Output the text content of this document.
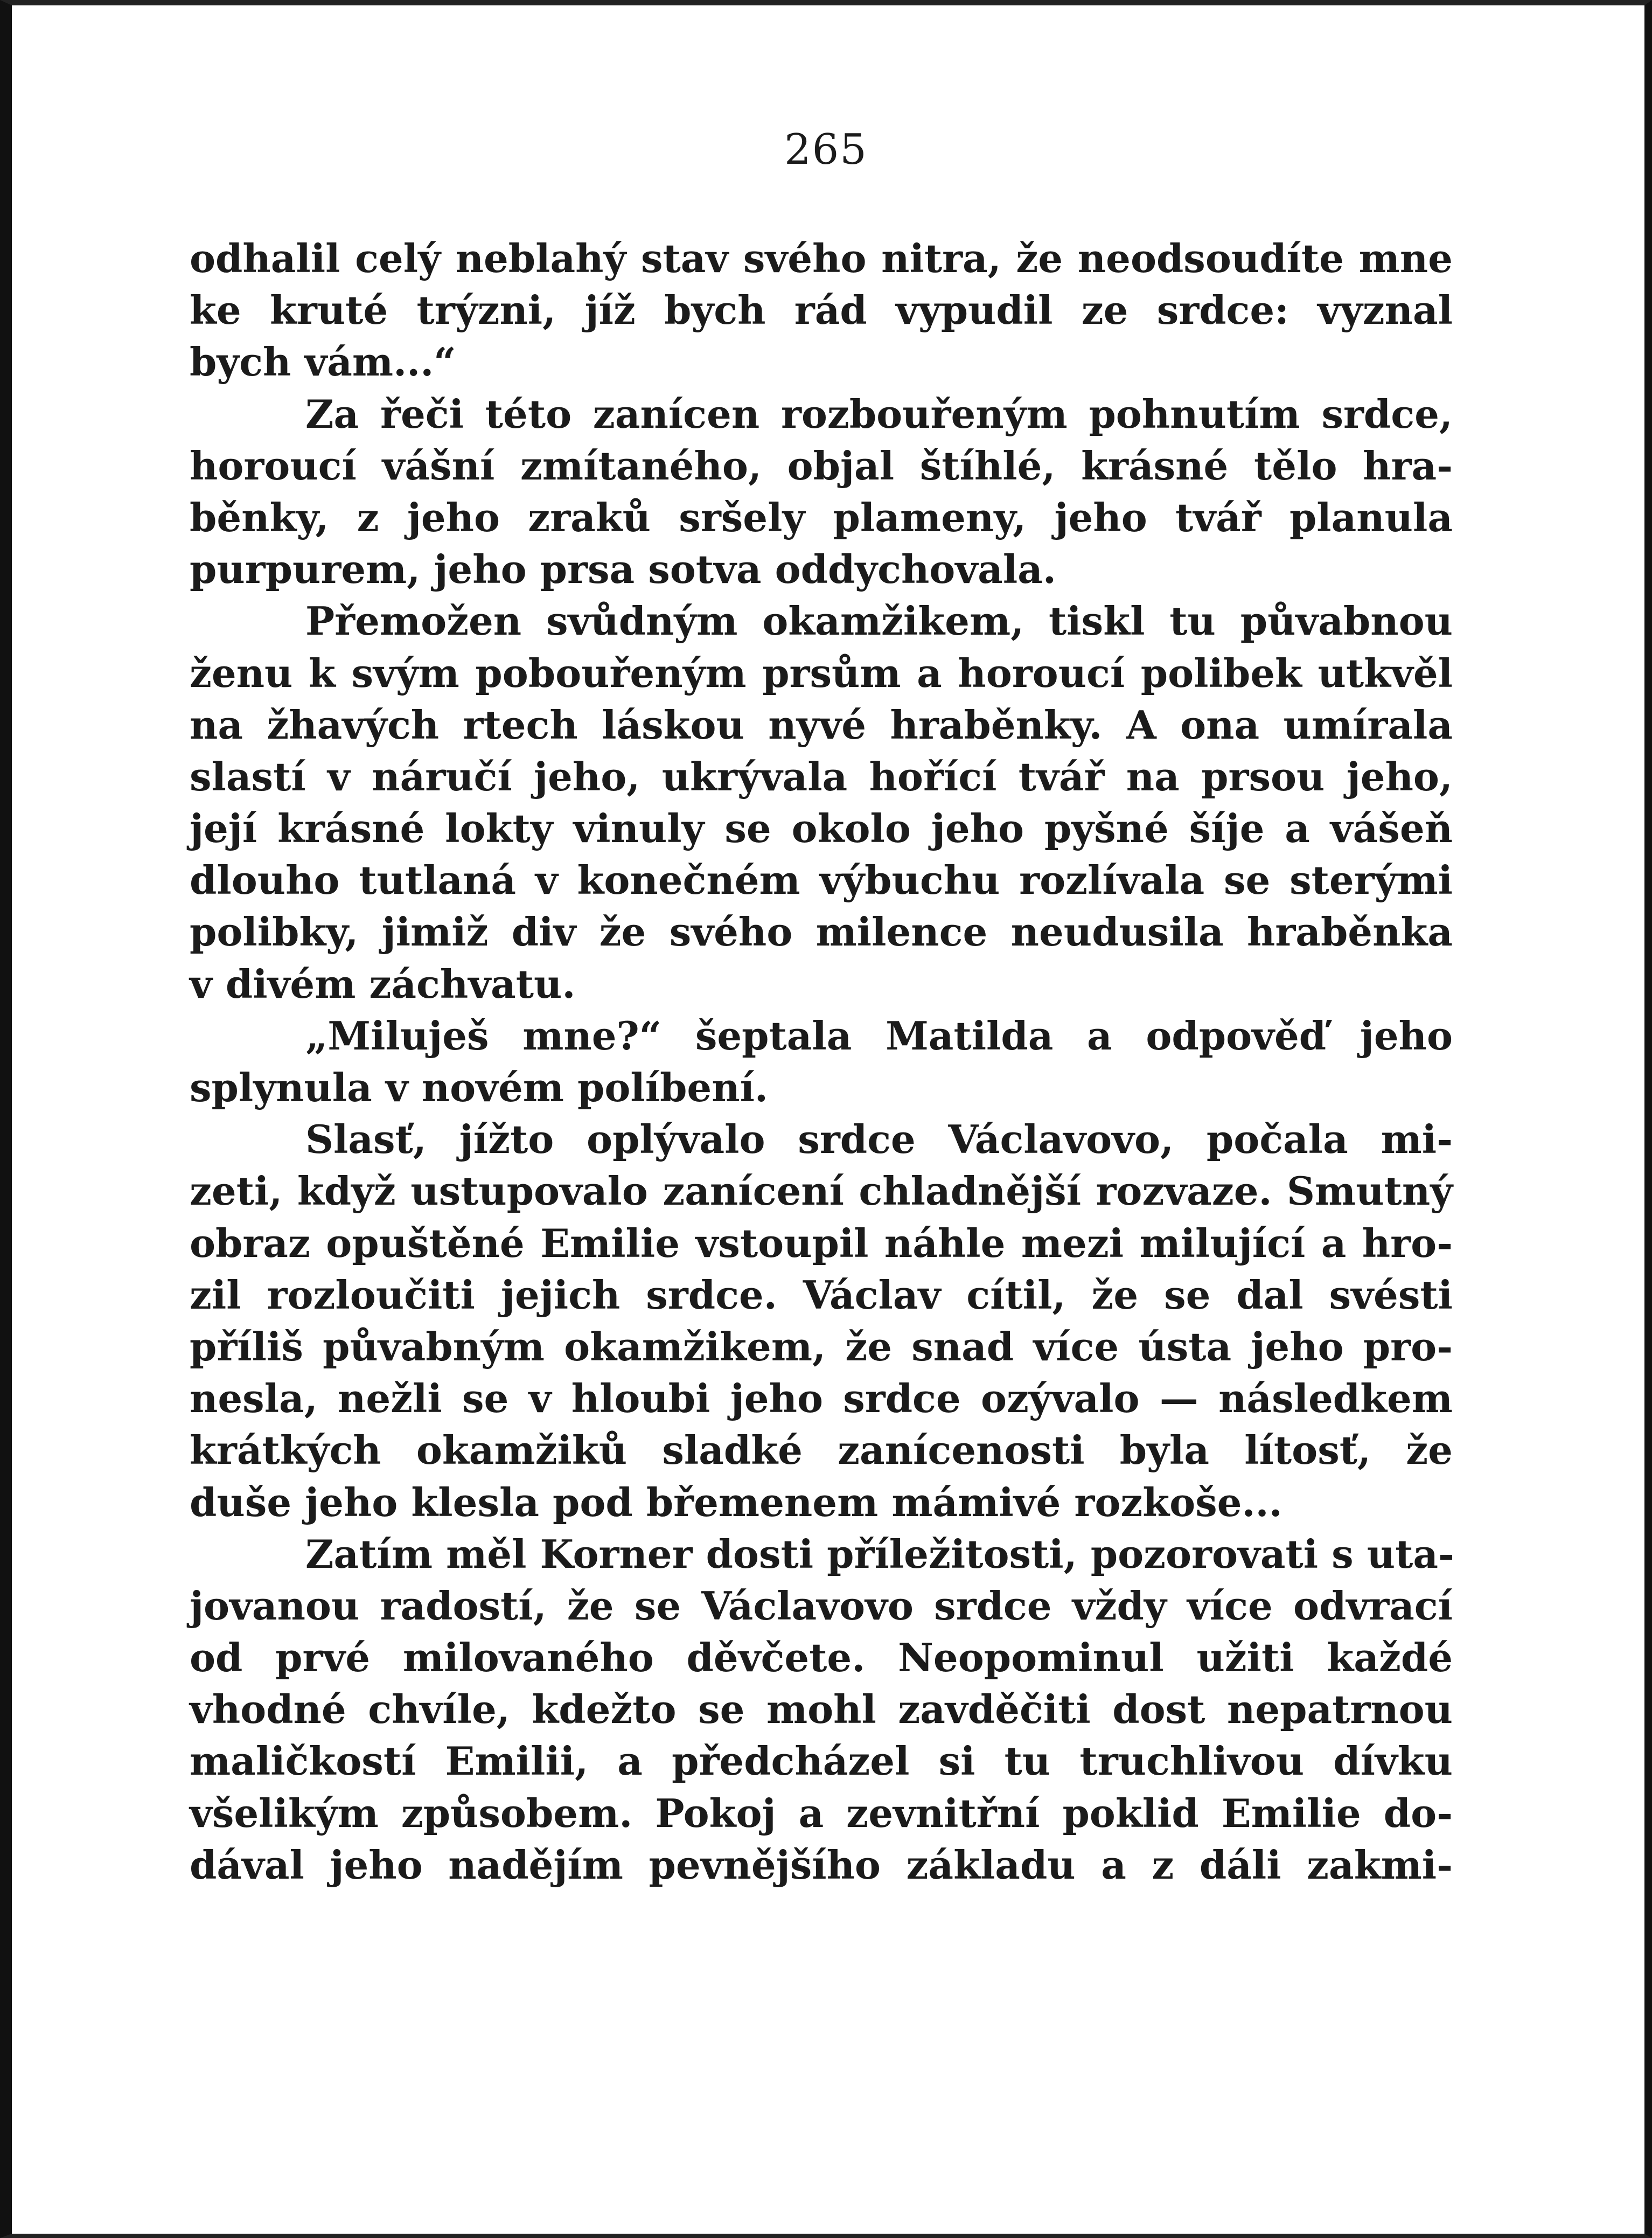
265
odhalil celý neblahý stav svého nitra, že neodsoudíte mne
ke kruté trýzni, jíž bych rád vypudil ze srdce: vyznal
bych vám...“
Za řeči této zanícen rozbouřeným pohnutím srdce,
horoucí vášní zmítaného, objal štíhlé, krásné tělo hra-
běnky, z jeho zraků sršely plameny, jeho tvář planula
purpurem, jeho prsa sotva oddychovala.
Přemožen svůdným okamžikem, tiskl tu půvabnou
ženu k svým pobouřeným prsům a horoucí polibek utkvěl
na žhavých rtech láskou nyvé hraběnky. A ona umírala
slastí v náručí jeho, ukrývala hořící tvář na prsou jeho,
její krásné lokty vinuly se okolo jeho pyšné šíje a vášeň
dlouho tutlaná v konečném výbuchu rozlívala se sterými
polibky, jimiž div že svého milence neudusila hraběnka
v divém záchvatu.
„Miluješ mne?“ šeptala Matilda a odpověď jeho
splynula v novém políbení.
Slasť, jížto oplývalo srdce Václavovo, počala mi-
zeti, když ustupovalo zanícení chladnější rozvaze. Smutný
obraz opuštěné Emilie vstoupil náhle mezi milující a hro-
zil rozloučiti jejich srdce. Václav cítil, že se dal svésti
příliš půvabným okamžikem, že snad více ústa jeho pro-
nesla, nežli se v hloubi jeho srdce ozývalo — následkem
krátkých okamžiků sladké zanícenosti byla lítosť, že
duše jeho klesla pod břemenem mámivé rozkoše...
Zatím měl Korner dosti příležitosti, pozorovati s uta-
jovanou radostí, že se Václavovo srdce vždy více odvrací
od prvé milovaného děvčete. Neopominul užiti každé
vhodné chvíle, kdežto se mohl zavděčiti dost nepatrnou
maličkostí Emilii, a předcházel si tu truchlivou dívku
všelikým způsobem. Pokoj a zevnitřní poklid Emilie do-
dával jeho nadějím pevnějšího základu a z dáli zakmi-
